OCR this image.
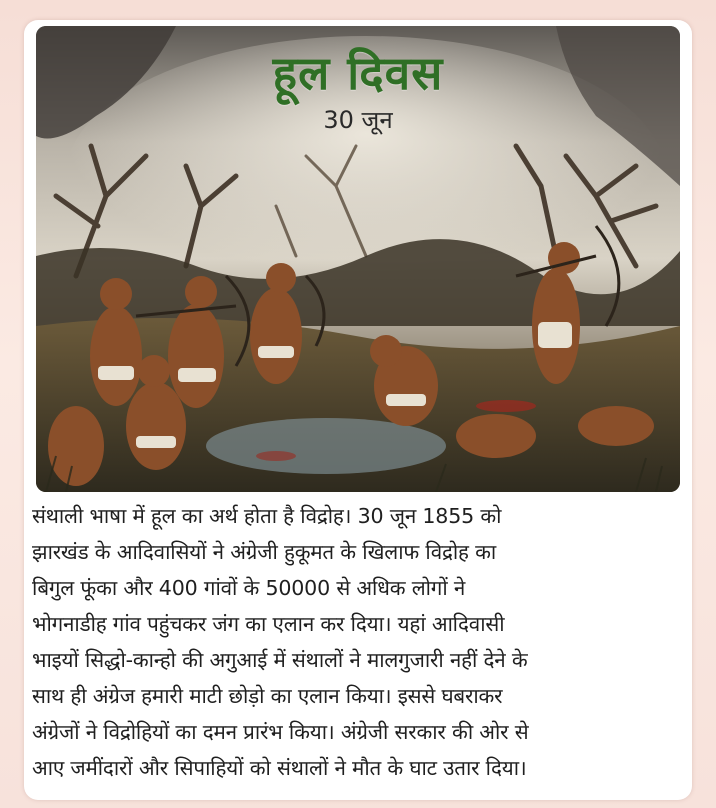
हूल दिवस
30 जून

संथाली भाषा में हूल का अर्थ होता है विद्रोह। 30 जून 1855 को
झारखंड के आदिवासियों ने अंग्रेजी हुकूमत के खिलाफ विद्रोह का
बिगुल फूंका और 400 गांवों के 50000 से अधिक लोगों ने
भोगनाडीह गांव पहुंचकर जंग का एलान कर दिया। यहां आदिवासी
भाइयों सिद्धो-कान्हो की अगुआई में संथालों ने मालगुजारी नहीं देने के
साथ ही अंग्रेज हमारी माटी छोड़ो का एलान किया। इससे घबराकर
अंग्रेजों ने विद्रोहियों का दमन प्रारंभ किया। अंग्रेजी सरकार की ओर से
आए जमींदारों और सिपाहियों को संथालों ने मौत के घाट उतार दिया।
